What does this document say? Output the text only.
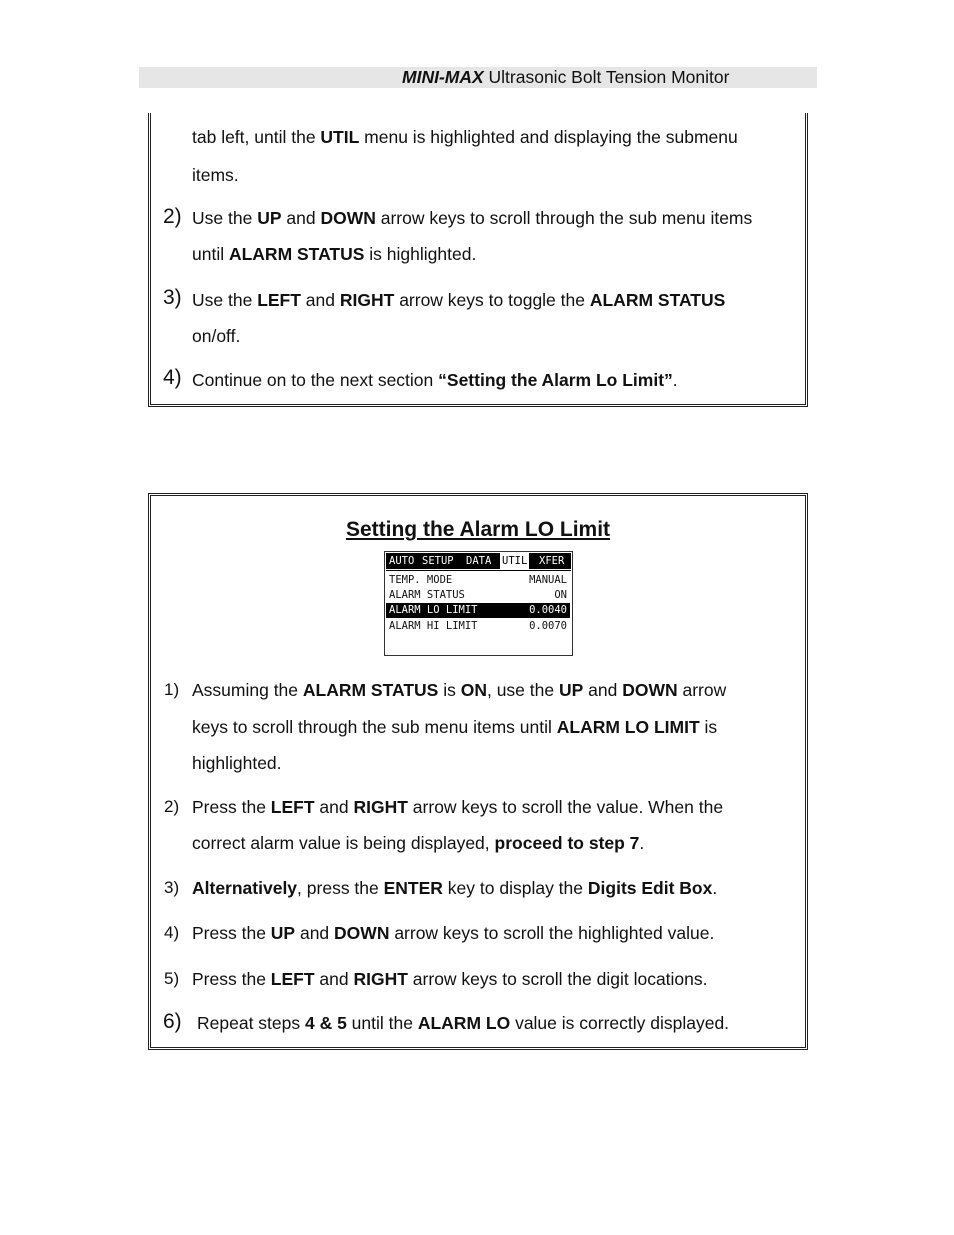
MINI-MAX Ultrasonic Bolt Tension Monitor
tab left, until the UTIL menu is highlighted and displaying the submenu
items.
2) Use the UP and DOWN arrow keys to scroll through the sub menu items
until ALARM STATUS is highlighted.
3) Use the LEFT and RIGHT arrow keys to toggle the ALARM STATUS
on/off.
4) Continue on to the next section “Setting the Alarm Lo Limit”.
Setting the Alarm LO Limit
AUTO SETUP DATA UTIL XFER
TEMP. MODE	MANUAL
ALARM STATUS	ON
ALARM LO LIMIT	0.0040
ALARM HI LIMIT	0.0070
1) Assuming the ALARM STATUS is ON, use the UP and DOWN arrow
keys to scroll through the sub menu items until ALARM LO LIMIT is
highlighted.
2) Press the LEFT and RIGHT arrow keys to scroll the value. When the
correct alarm value is being displayed, proceed to step 7.
3) Alternatively, press the ENTER key to display the Digits Edit Box.
4) Press the UP and DOWN arrow keys to scroll the highlighted value.
5) Press the LEFT and RIGHT arrow keys to scroll the digit locations.
6) Repeat steps 4 & 5 until the ALARM LO value is correctly displayed.
